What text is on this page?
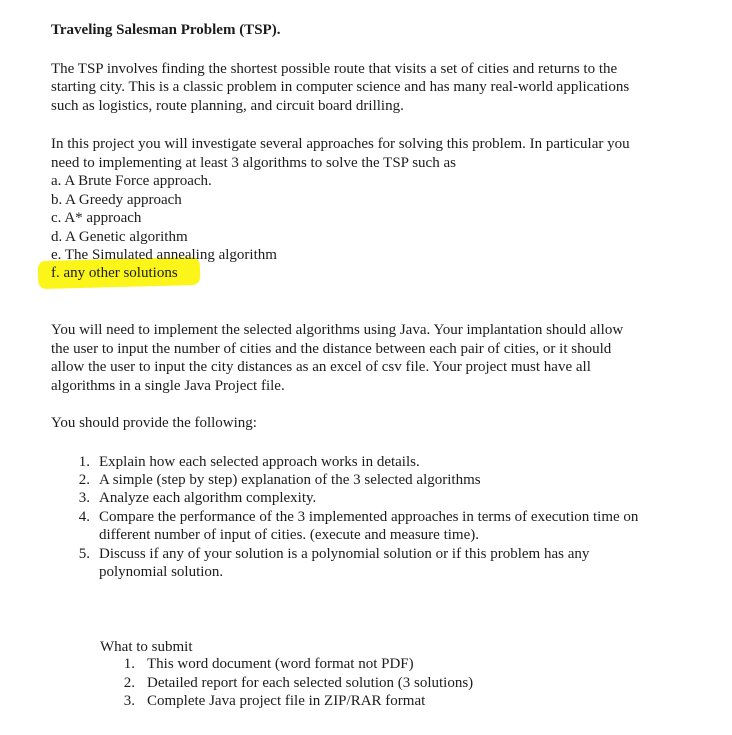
Traveling Salesman Problem (TSP).
The TSP involves finding the shortest possible route that visits a set of cities and returns to the
starting city. This is a classic problem in computer science and has many real-world applications
such as logistics, route planning, and circuit board drilling.
In this project you will investigate several approaches for solving this problem. In particular you
need to implementing at least 3 algorithms to solve the TSP such as
a. A Brute Force approach.
b. A Greedy approach
c. A* approach
d. A Genetic algorithm
e. The Simulated annealing algorithm
f. any other solutions
You will need to implement the selected algorithms using Java. Your implantation should allow
the user to input the number of cities and the distance between each pair of cities, or it should
allow the user to input the city distances as an excel of csv file. Your project must have all
algorithms in a single Java Project file.
You should provide the following:
1. Explain how each selected approach works in details.
2. A simple (step by step) explanation of the 3 selected algorithms
3. Analyze each algorithm complexity.
4. Compare the performance of the 3 implemented approaches in terms of execution time on
different number of input of cities. (execute and measure time).
5. Discuss if any of your solution is a polynomial solution or if this problem has any
polynomial solution.
What to submit
1. This word document (word format not PDF)
2. Detailed report for each selected solution (3 solutions)
3. Complete Java project file in ZIP/RAR format
